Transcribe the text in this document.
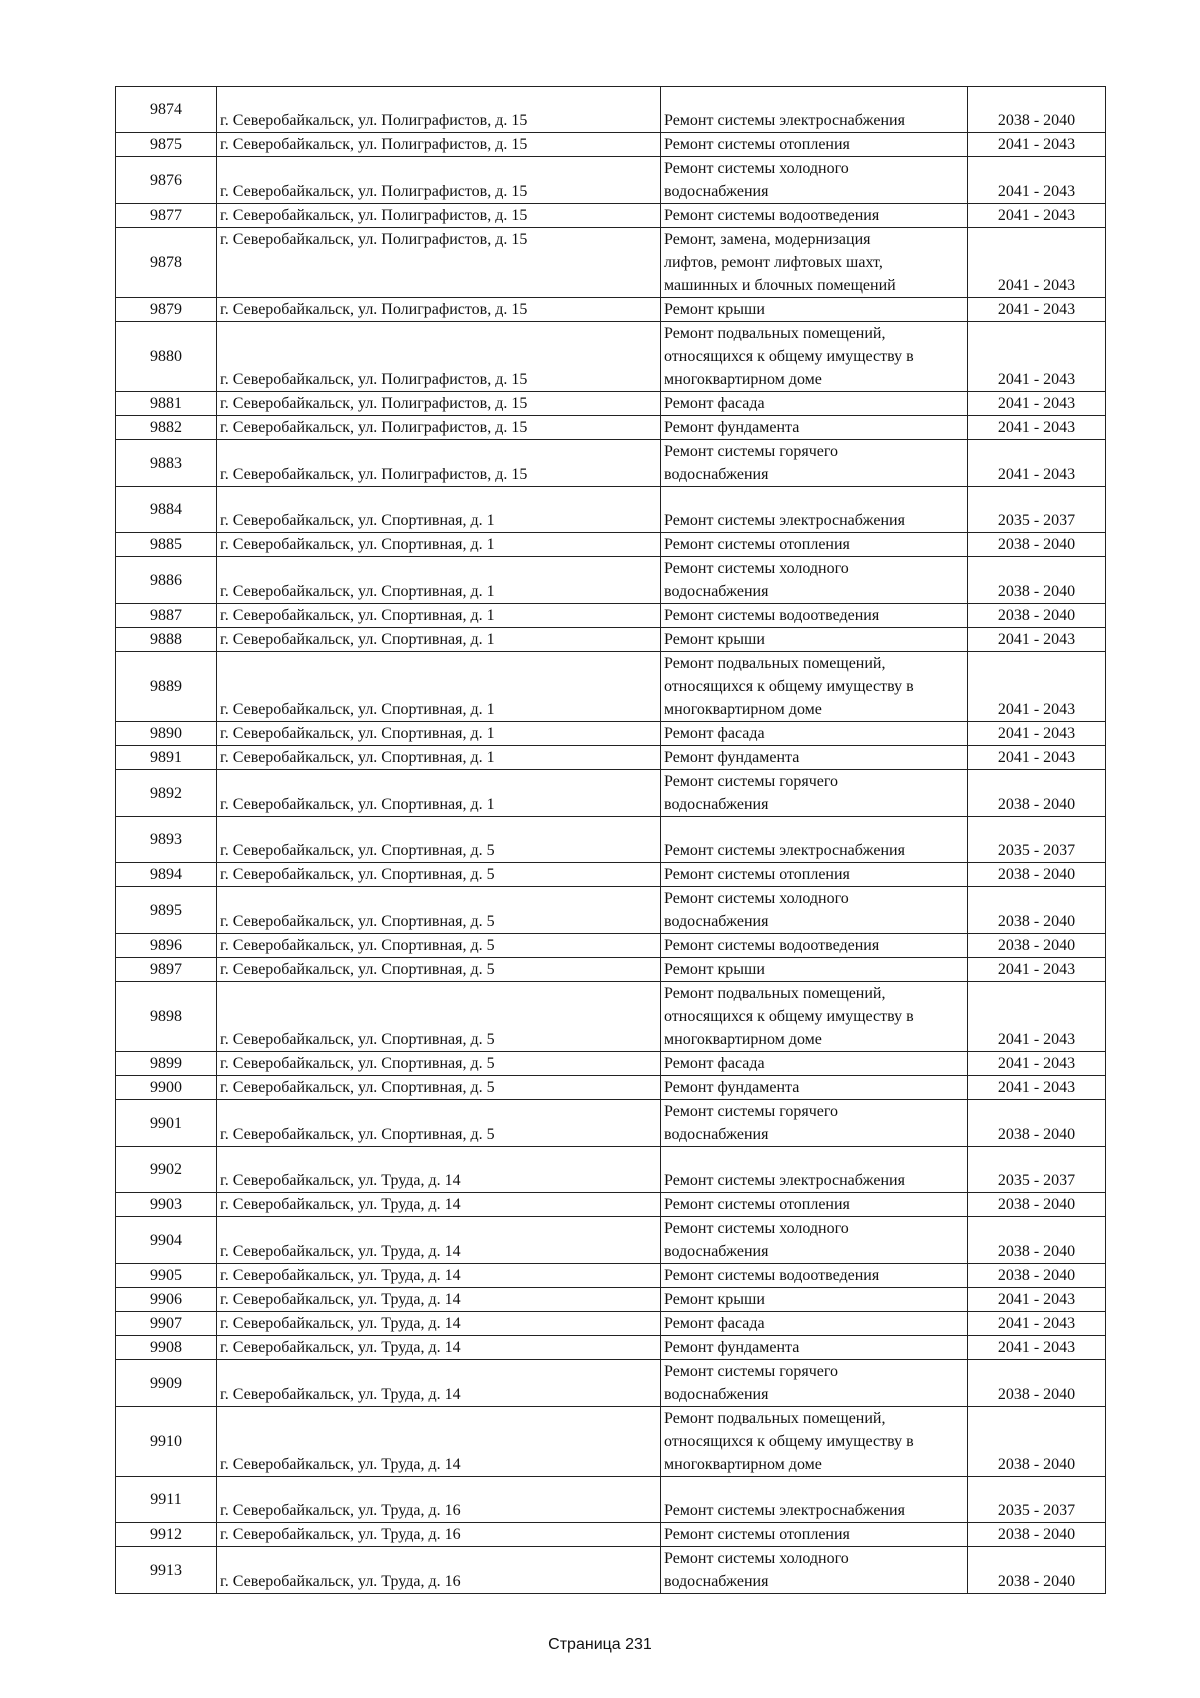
9874	г. Северобайкальск, ул. Полиграфистов, д. 15	Ремонт системы электроснабжения	2038 - 2040
9875	г. Северобайкальск, ул. Полиграфистов, д. 15	Ремонт системы отопления	2041 - 2043
9876	г. Северобайкальск, ул. Полиграфистов, д. 15	Ремонт системы холодного
водоснабжения	2041 - 2043
9877	г. Северобайкальск, ул. Полиграфистов, д. 15	Ремонт системы водоотведения	2041 - 2043
9878	г. Северобайкальск, ул. Полиграфистов, д. 15	Ремонт, замена, модернизация
лифтов, ремонт лифтовых шахт,
машинных и блочных помещений	2041 - 2043
9879	г. Северобайкальск, ул. Полиграфистов, д. 15	Ремонт крыши	2041 - 2043
9880	г. Северобайкальск, ул. Полиграфистов, д. 15	Ремонт подвальных помещений,
относящихся к общему имуществу в
многоквартирном доме	2041 - 2043
9881	г. Северобайкальск, ул. Полиграфистов, д. 15	Ремонт фасада	2041 - 2043
9882	г. Северобайкальск, ул. Полиграфистов, д. 15	Ремонт фундамента	2041 - 2043
9883	г. Северобайкальск, ул. Полиграфистов, д. 15	Ремонт системы горячего
водоснабжения	2041 - 2043
9884	г. Северобайкальск, ул. Спортивная, д. 1	Ремонт системы электроснабжения	2035 - 2037
9885	г. Северобайкальск, ул. Спортивная, д. 1	Ремонт системы отопления	2038 - 2040
9886	г. Северобайкальск, ул. Спортивная, д. 1	Ремонт системы холодного
водоснабжения	2038 - 2040
9887	г. Северобайкальск, ул. Спортивная, д. 1	Ремонт системы водоотведения	2038 - 2040
9888	г. Северобайкальск, ул. Спортивная, д. 1	Ремонт крыши	2041 - 2043
9889	г. Северобайкальск, ул. Спортивная, д. 1	Ремонт подвальных помещений,
относящихся к общему имуществу в
многоквартирном доме	2041 - 2043
9890	г. Северобайкальск, ул. Спортивная, д. 1	Ремонт фасада	2041 - 2043
9891	г. Северобайкальск, ул. Спортивная, д. 1	Ремонт фундамента	2041 - 2043
9892	г. Северобайкальск, ул. Спортивная, д. 1	Ремонт системы горячего
водоснабжения	2038 - 2040
9893	г. Северобайкальск, ул. Спортивная, д. 5	Ремонт системы электроснабжения	2035 - 2037
9894	г. Северобайкальск, ул. Спортивная, д. 5	Ремонт системы отопления	2038 - 2040
9895	г. Северобайкальск, ул. Спортивная, д. 5	Ремонт системы холодного
водоснабжения	2038 - 2040
9896	г. Северобайкальск, ул. Спортивная, д. 5	Ремонт системы водоотведения	2038 - 2040
9897	г. Северобайкальск, ул. Спортивная, д. 5	Ремонт крыши	2041 - 2043
9898	г. Северобайкальск, ул. Спортивная, д. 5	Ремонт подвальных помещений,
относящихся к общему имуществу в
многоквартирном доме	2041 - 2043
9899	г. Северобайкальск, ул. Спортивная, д. 5	Ремонт фасада	2041 - 2043
9900	г. Северобайкальск, ул. Спортивная, д. 5	Ремонт фундамента	2041 - 2043
9901	г. Северобайкальск, ул. Спортивная, д. 5	Ремонт системы горячего
водоснабжения	2038 - 2040
9902	г. Северобайкальск, ул. Труда, д. 14	Ремонт системы электроснабжения	2035 - 2037
9903	г. Северобайкальск, ул. Труда, д. 14	Ремонт системы отопления	2038 - 2040
9904	г. Северобайкальск, ул. Труда, д. 14	Ремонт системы холодного
водоснабжения	2038 - 2040
9905	г. Северобайкальск, ул. Труда, д. 14	Ремонт системы водоотведения	2038 - 2040
9906	г. Северобайкальск, ул. Труда, д. 14	Ремонт крыши	2041 - 2043
9907	г. Северобайкальск, ул. Труда, д. 14	Ремонт фасада	2041 - 2043
9908	г. Северобайкальск, ул. Труда, д. 14	Ремонт фундамента	2041 - 2043
9909	г. Северобайкальск, ул. Труда, д. 14	Ремонт системы горячего
водоснабжения	2038 - 2040
9910	г. Северобайкальск, ул. Труда, д. 14	Ремонт подвальных помещений,
относящихся к общему имуществу в
многоквартирном доме	2038 - 2040
9911	г. Северобайкальск, ул. Труда, д. 16	Ремонт системы электроснабжения	2035 - 2037
9912	г. Северобайкальск, ул. Труда, д. 16	Ремонт системы отопления	2038 - 2040
9913	г. Северобайкальск, ул. Труда, д. 16	Ремонт системы холодного
водоснабжения	2038 - 2040
Страница 231
